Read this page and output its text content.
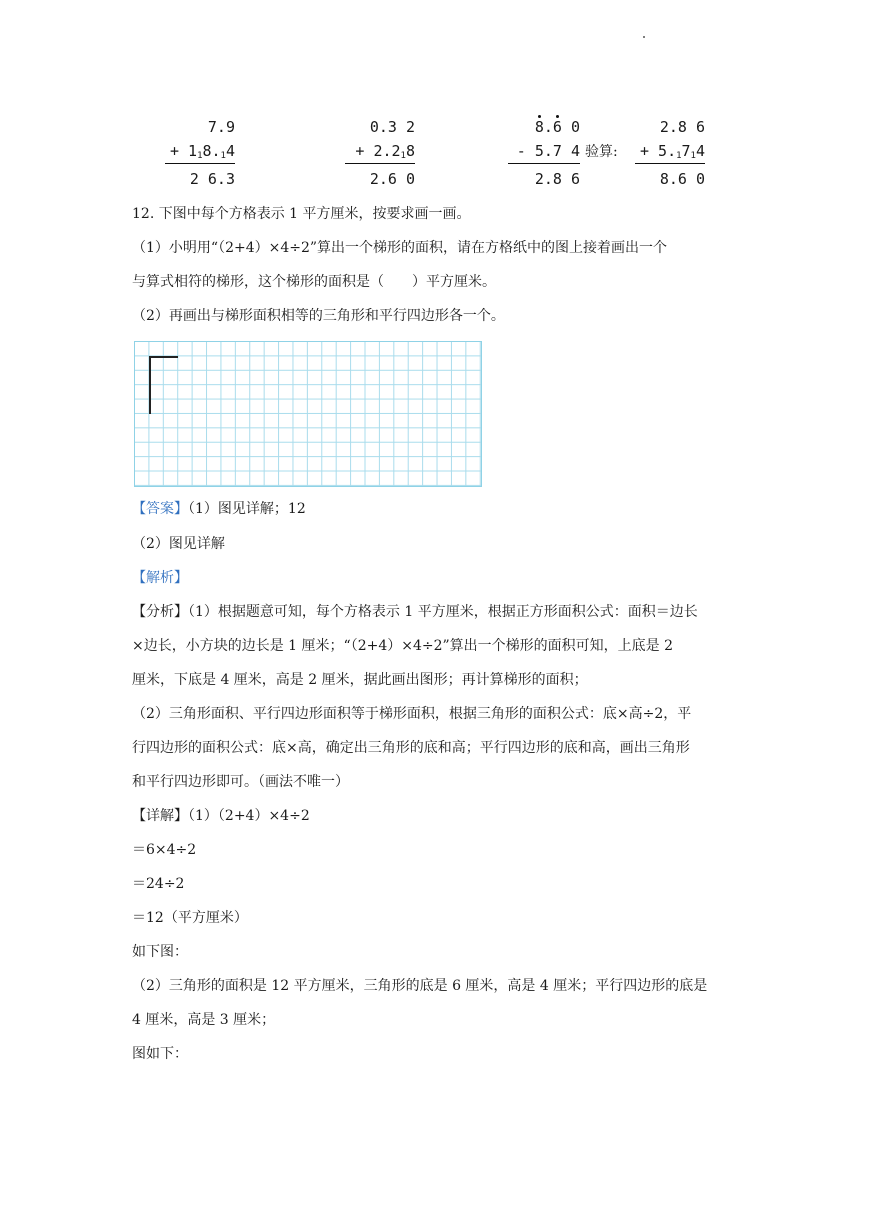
7.9
+ $1_18._14$
2 6.3
0.3 2
+ $2.2_18$
2.6 0
8.6 0
- 5.7 4
2.8 6
验算:
2.8 6
+ $5._17_14$
8.6 0
12. 下图中每个方格表示 1 平方厘米，按要求画一画。
（1）小明用“（2+4）×4÷2”算出一个梯形的面积，请在方格纸中的图上接着画出一个
与算式相符的梯形，这个梯形的面积是（　　）平方厘米。
（2）再画出与梯形面积相等的三角形和平行四边形各一个。
【答案】（1）图见详解；12
（2）图见详解
【解析】
【分析】（1）根据题意可知，每个方格表示 1 平方厘米，根据正方形面积公式：面积＝边长
×边长，小方块的边长是 1 厘米；“（2+4）×4÷2”算出一个梯形的面积可知，上底是 2
厘米，下底是 4 厘米，高是 2 厘米，据此画出图形；再计算梯形的面积；
（2）三角形面积、平行四边形面积等于梯形面积，根据三角形的面积公式：底×高÷2，平
行四边形的面积公式：底×高，确定出三角形的底和高；平行四边形的底和高，画出三角形
和平行四边形即可。（画法不唯一）
【详解】（1）（2+4）×4÷2
＝6×4÷2
＝24÷2
＝12（平方厘米）
如下图：
（2）三角形的面积是 12 平方厘米，三角形的底是 6 厘米，高是 4 厘米；平行四边形的底是
4 厘米，高是 3 厘米；
图如下：
